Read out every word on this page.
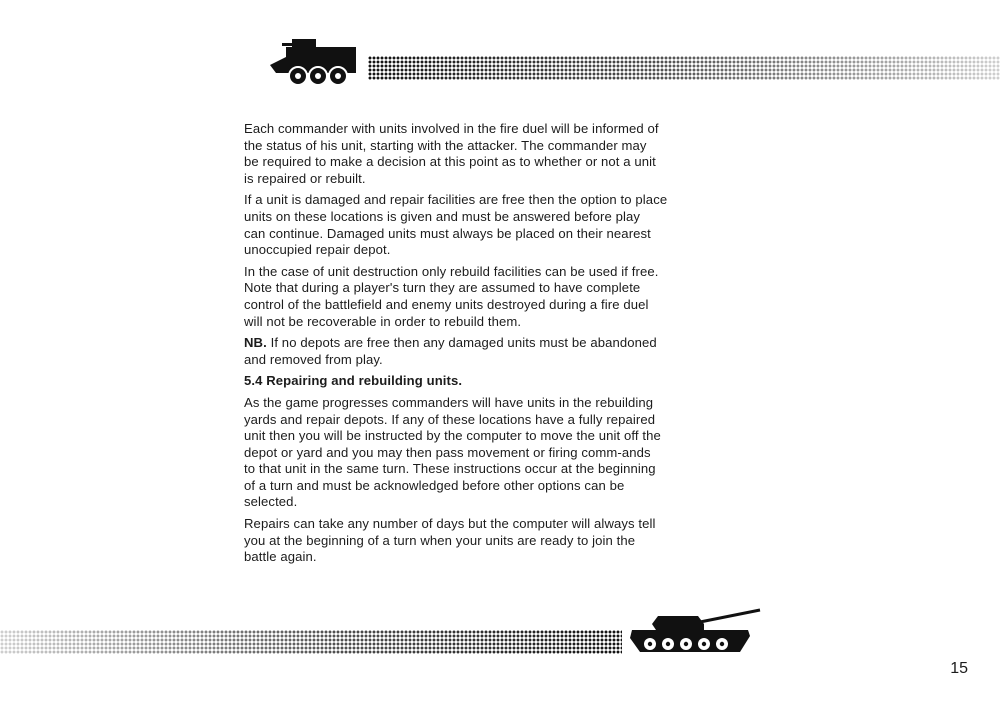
Each commander with units involved in the fire duel will be informed of
the status of his unit, starting with the attacker. The commander may
be required to make a decision at this point as to whether or not a unit
is repaired or rebuilt.

If a unit is damaged and repair facilities are free then the option to place
units on these locations is given and must be answered before play
can continue. Damaged units must always be placed on their nearest
unoccupied repair depot.

In the case of unit destruction only rebuild facilities can be used if free.
Note that during a player's turn they are assumed to have complete
control of the battlefield and enemy units destroyed during a fire duel
will not be recoverable in order to rebuild them.

NB. If no depots are free then any damaged units must be abandoned
and removed from play.

5.4 Repairing and rebuilding units.

As the game progresses commanders will have units in the rebuilding
yards and repair depots. If any of these locations have a fully repaired
unit then you will be instructed by the computer to move the unit off the
depot or yard and you may then pass movement or firing comm-ands
to that unit in the same turn. These instructions occur at the beginning
of a turn and must be acknowledged before other options can be
selected.

Repairs can take any number of days but the computer will always tell
you at the beginning of a turn when your units are ready to join the
battle again.

15
